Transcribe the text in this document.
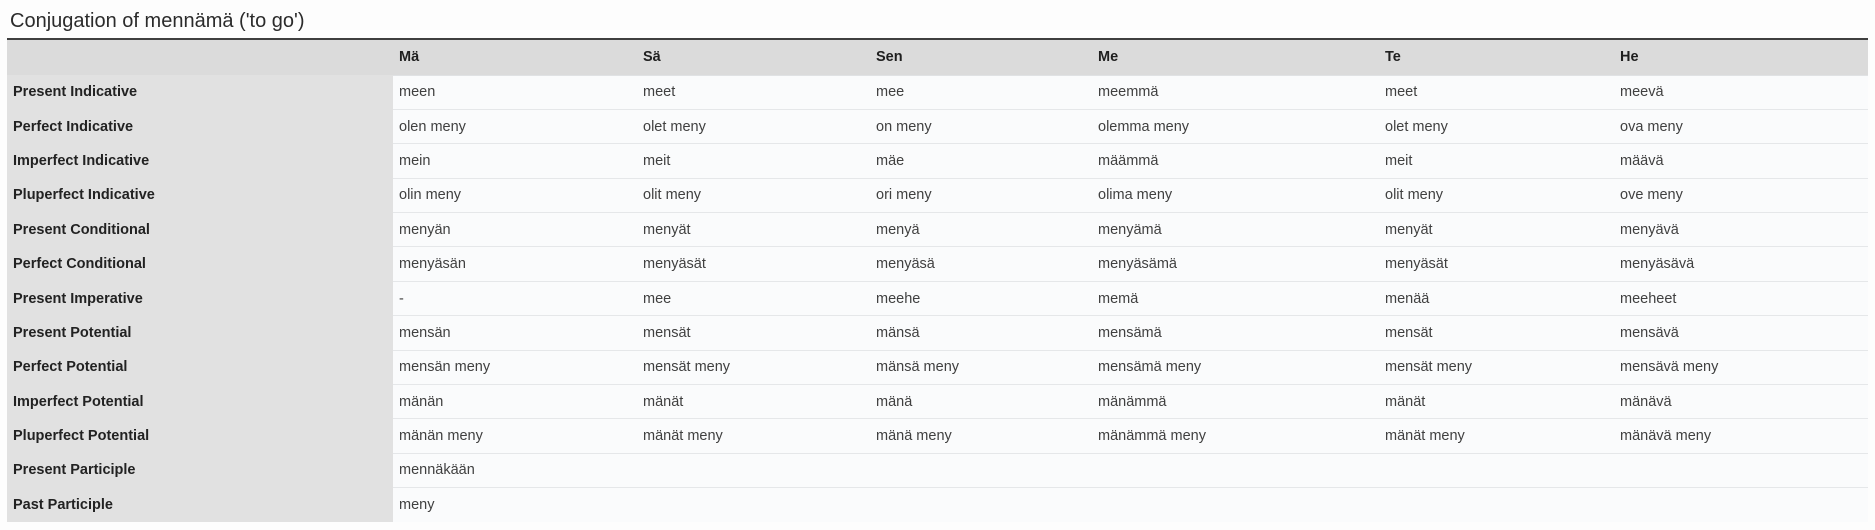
Conjugation of mennämä ('to go')
	Mä	Sä	Sen	Me	Te	He
Present Indicative	meen	meet	mee	meemmä	meet	meevä
Perfect Indicative	olen meny	olet meny	on meny	olemma meny	olet meny	ova meny
Imperfect Indicative	mein	meit	mäe	määmmä	meit	määvä
Pluperfect Indicative	olin meny	olit meny	ori meny	olima meny	olit meny	ove meny
Present Conditional	menyän	menyät	menyä	menyämä	menyät	menyävä
Perfect Conditional	menyäsän	menyäsät	menyäsä	menyäsämä	menyäsät	menyäsävä
Present Imperative	-	mee	meehe	memä	menää	meeheet
Present Potential	mensän	mensät	mänsä	mensämä	mensät	mensävä
Perfect Potential	mensän meny	mensät meny	mänsä meny	mensämä meny	mensät meny	mensävä meny
Imperfect Potential	mänän	mänät	mänä	mänämmä	mänät	mänävä
Pluperfect Potential	mänän meny	mänät meny	mänä meny	mänämmä meny	mänät meny	mänävä meny
Present Participle	mennäkään					
Past Participle	meny					
